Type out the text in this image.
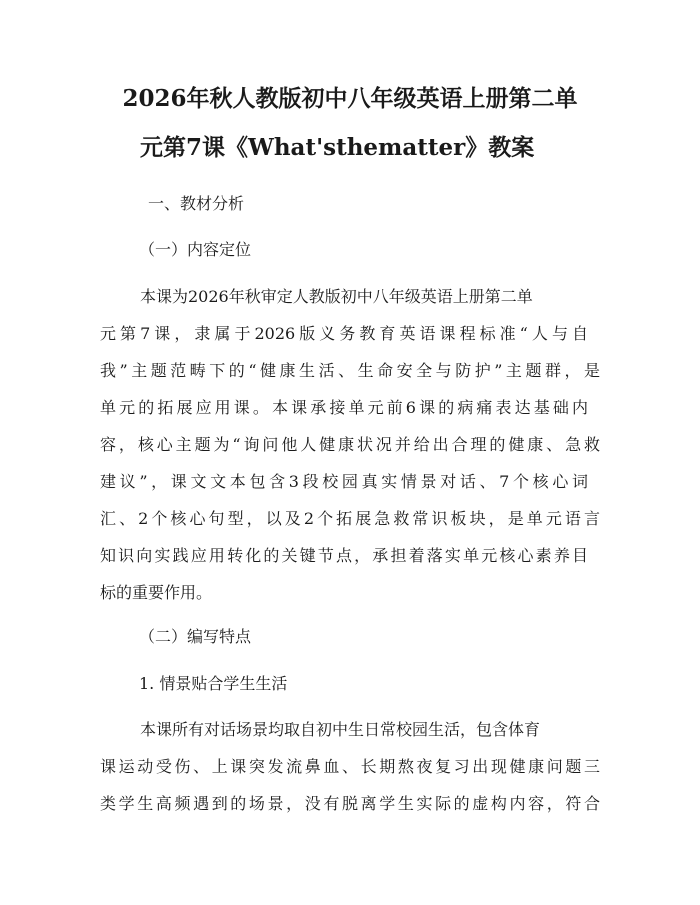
2026年秋人教版初中八年级英语上册第二单
元第7课《What'sthematter》教案
一、教材分析
（一）内容定位
本课为2026年秋审定人教版初中八年级英语上册第二单
元第7课，隶属于2026版义务教育英语课程标准“人与自
我”主题范畴下的“健康生活、生命安全与防护”主题群，是
单元的拓展应用课。本课承接单元前6课的病痛表达基础内
容，核心主题为“询问他人健康状况并给出合理的健康、急救
建议”，课文文本包含3段校园真实情景对话、7个核心词
汇、2个核心句型，以及2个拓展急救常识板块，是单元语言
知识向实践应用转化的关键节点，承担着落实单元核心素养目
标的重要作用。
（二）编写特点
1. 情景贴合学生生活
本课所有对话场景均取自初中生日常校园生活，包含体育
课运动受伤、上课突发流鼻血、长期熬夜复习出现健康问题三
类学生高频遇到的场景，没有脱离学生实际的虚构内容，符合
